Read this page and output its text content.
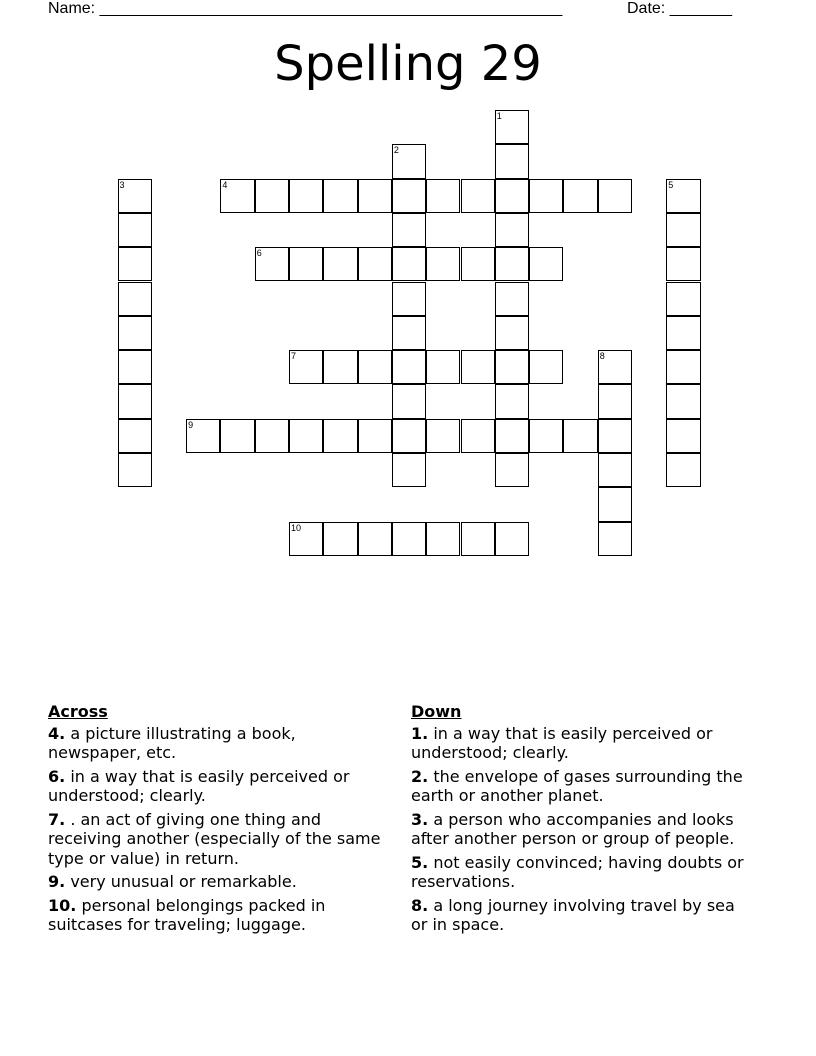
Name: ____________________________________________________	Date: _______
Spelling 29
1
2
3	4	5
6
7	8
9
10
Across
4. a picture illustrating a book, newspaper, etc.
6. in a way that is easily perceived or understood; clearly.
7. . an act of giving one thing and receiving another (especially of the same type or value) in return.
9. very unusual or remarkable.
10. personal belongings packed in suitcases for traveling; luggage.
Down
1. in a way that is easily perceived or understood; clearly.
2. the envelope of gases surrounding the earth or another planet.
3. a person who accompanies and looks after another person or group of people.
5. not easily convinced; having doubts or reservations.
8. a long journey involving travel by sea or in space.
